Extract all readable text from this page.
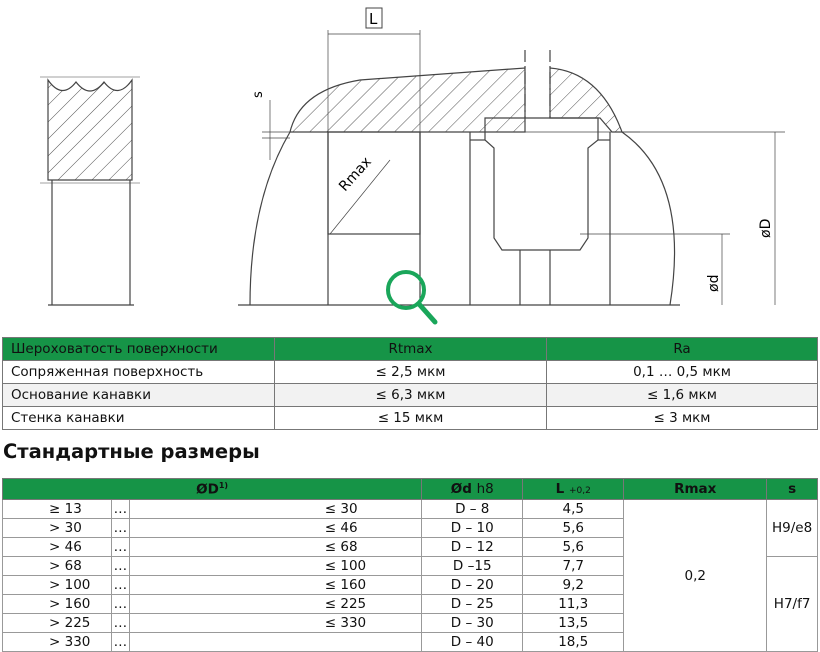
L
s
Rmax
ød
øD
Шероховатость поверхности	Rtmax	Ra
Сопряженная поверхность	≤ 2,5 мкм	0,1 … 0,5 мкм
Основание канавки	≤ 6,3 мкм	≤ 1,6 мкм
Стенка канавки	≤ 15 мкм	≤ 3 мкм
Стандартные размеры
ØD$^{1)}$			Ød h8	L +0,2	Rmax	s
≥ 13	…	≤ 30	D – 8	4,5	0,2	H9/e8
> 30	…	≤ 46	D – 10	5,6		
> 46	…	≤ 68	D – 12	5,6		
> 68	…	≤ 100	D –15	7,7		H7/f7
> 100	…	≤ 160	D – 20	9,2		
> 160	…	≤ 225	D – 25	11,3		
> 225	…	≤ 330	D – 30	13,5		
> 330	…		D – 40	18,5		
